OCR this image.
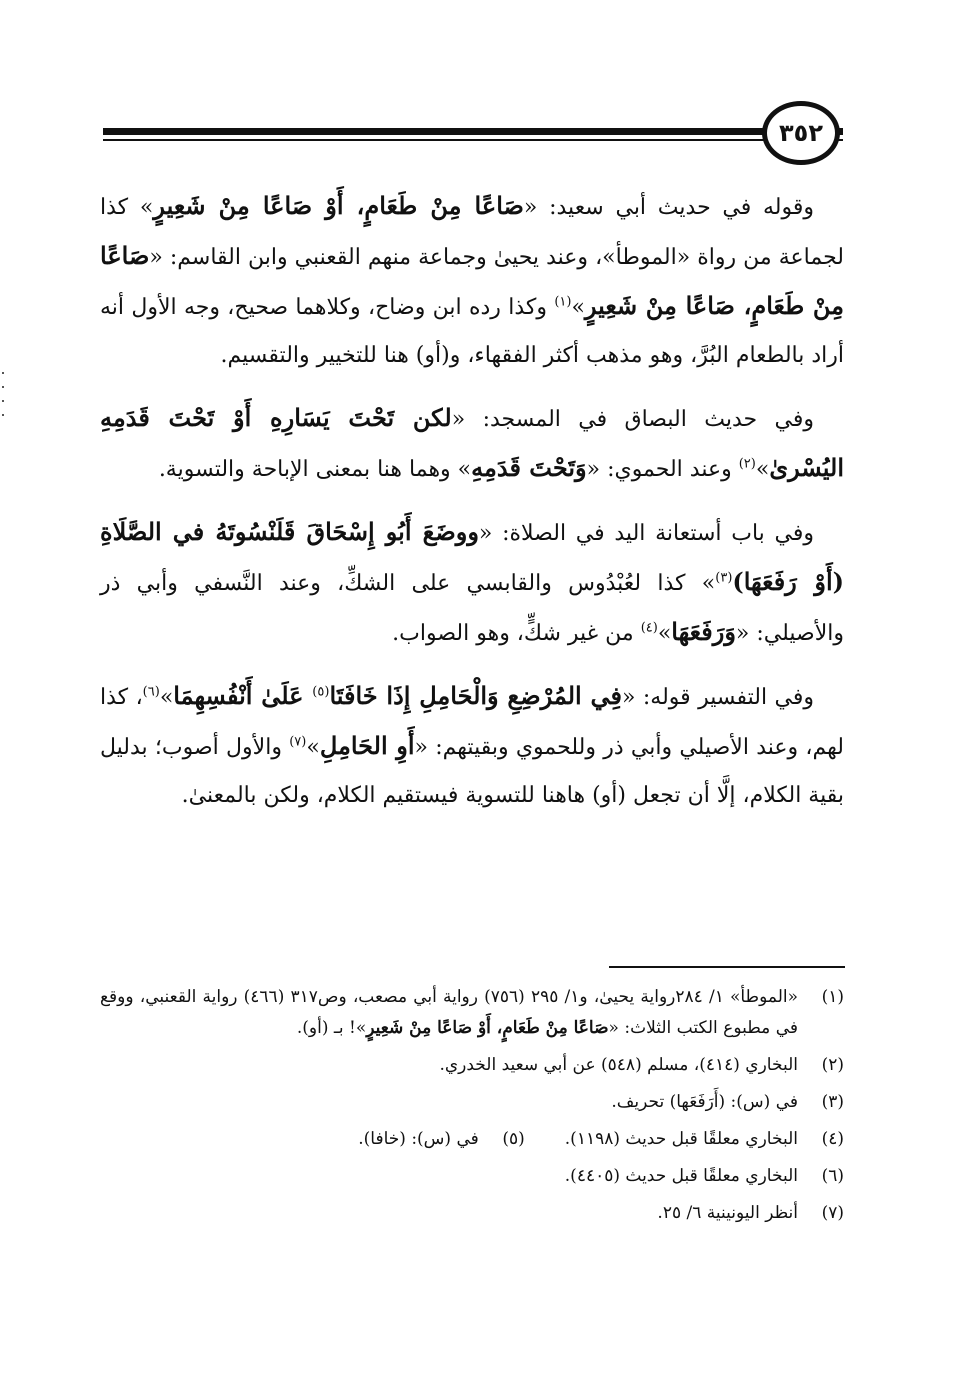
٣٥٢

وقوله في حديث أبي سعيد: «صَاعًا مِنْ طَعَامٍ، أَوْ صَاعًا مِنْ شَعِيرٍ» كذا لجماعة من رواة «الموطأ»، وعند يحيىٰ وجماعة منهم القعنبي وابن القاسم: «صَاعًا مِنْ طَعَامٍ، صَاعًا مِنْ شَعِيرٍ»$^{(١)}$ وكذا رده ابن وضاح، وكلاهما صحيح، وجه الأول أنه أراد بالطعام البُرَّ، وهو مذهب أكثر الفقهاء، و(أو) هنا للتخيير والتقسيم.

وفي حديث البصاق في المسجد: «لكن تَحْتَ يَسَارِهِ أَوْ تَحْتَ قَدَمِهِ اليُسْرىٰ»$^{(٢)}$ وعند الحموي: «وَتَحْتَ قَدَمِهِ» وهما هنا بمعنى الإباحة والتسوية.

وفي باب أستعانة اليد في الصلاة: «ووضَعَ أَبُو إِسْحَاقَ قَلَنْسُوتَهُ في الصَّلَاةِ (أَوْ رَفَعَهَا)$^{(٣)}$» كذا لعُبْدُوس والقابسي على الشكِّ، وعند النَّسفي وأبي ذر والأصيلي: «وَرَفَعَهَا»$^{(٤)}$ من غير شكٍّ، وهو الصواب.

وفي التفسير قوله: «فِي المُرْضِعِ وَالْحَامِلِ إِذَا خَافَتَا$^{(٥)}$ عَلَىٰ أَنْفُسِهِمَا»$^{(٦)}$، كذا لهم، وعند الأصيلي وأبي ذر وللحموي وبقيتهم: «أَوِ الحَامِلِ»$^{(٧)}$ والأول أصوب؛ بدليل بقية الكلام، إلَّا أن تجعل (أو) هاهنا للتسوية فيستقيم الكلام، ولكن بالمعنىٰ.

(١)
«الموطأ» ١/ ٢٨٤رواية يحيىٰ، و١/ ٢٩٥ (٧٥٦) رواية أبي مصعب، وص٣١٧ (٤٦٦) رواية القعنبي، ووقع في مطبوع الكتب الثلاث: «صَاعًا مِنْ طَعَامٍ، أَوْ صَاعًا مِنْ شَعِيرٍ»! بـ (أو).
(٢)
البخاري (٤١٤)، مسلم (٥٤٨) عن أبي سعيد الخدري.
(٣)
في (س): (أَرَفَعَها) تحريف.
(٤)
البخاري معلقًا قبل حديث (١١٩٨).
(٥)
في (س): (خافا).
(٦)
البخاري معلقًا قبل حديث (٤٤٠٥).
(٧)
أنظر اليونينية ٦/ ٢٥.
